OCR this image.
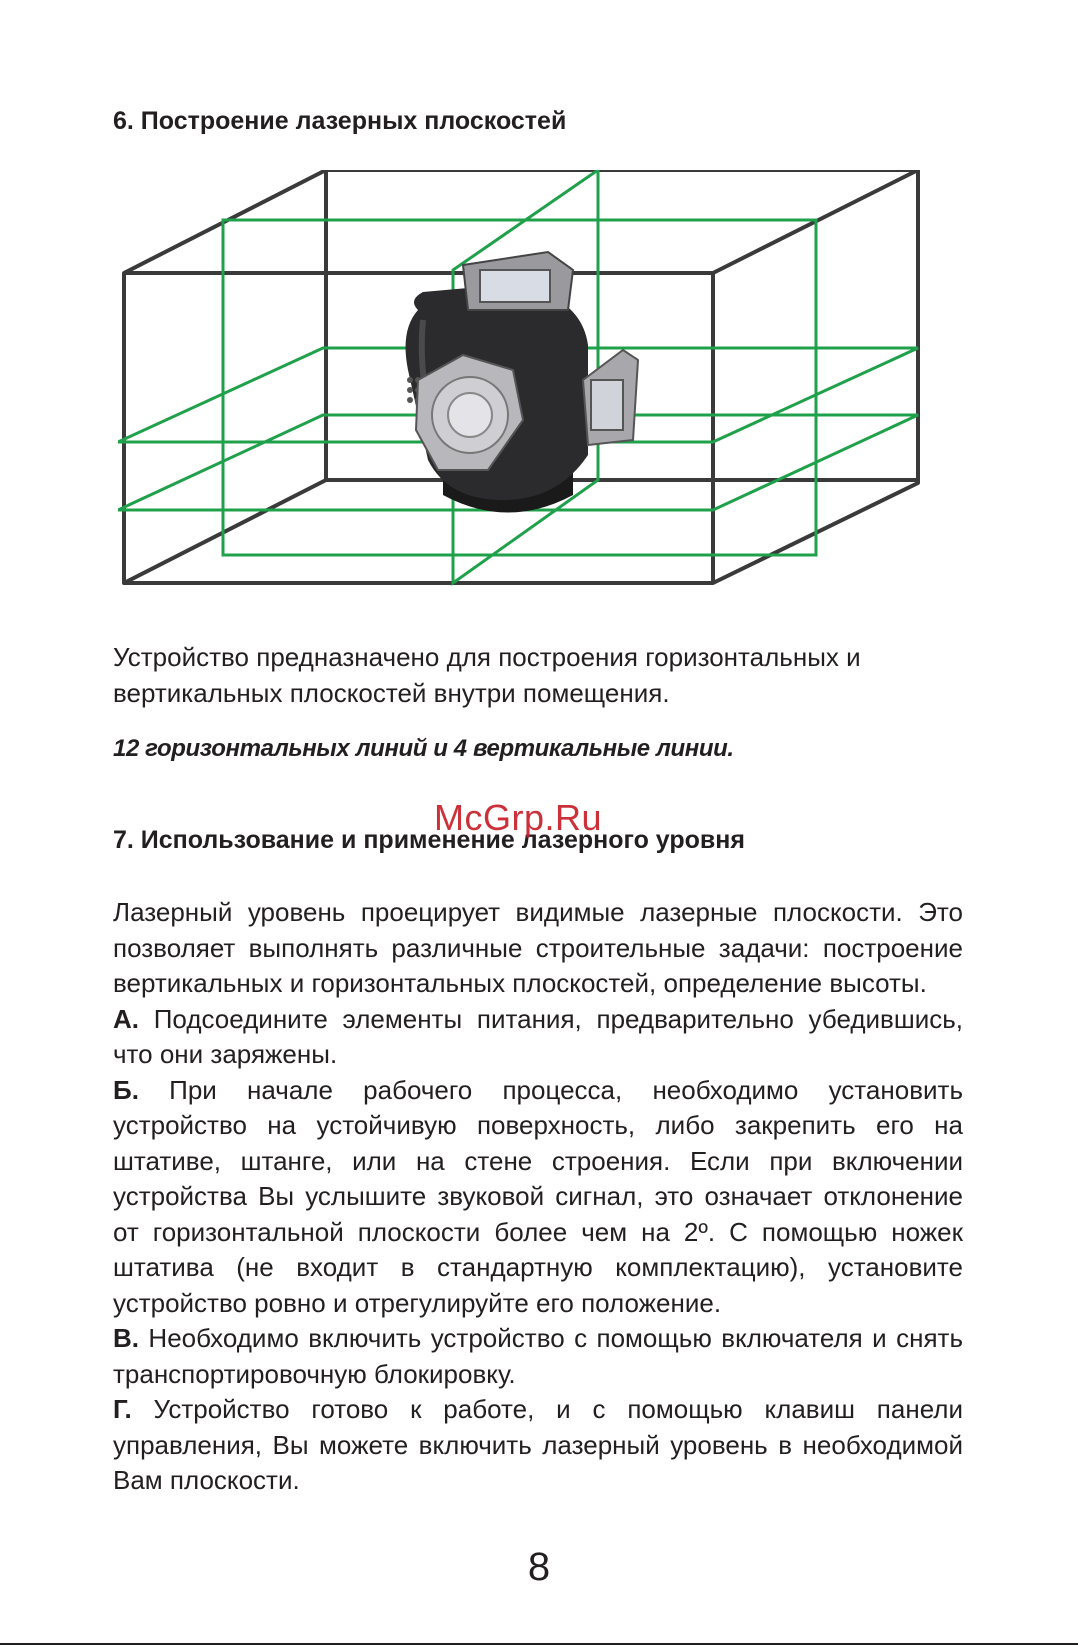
6. Построение лазерных плоскостей

Устройство предназначено для построения горизонтальных и вертикальных плоскостей внутри помещения.

12 горизонтальных линий и 4 вертикальные линии.

7. Использование и применение лазерного уровня
McGrp.Ru
Лазерный уровень проецирует видимые лазерные плоскости. Это позволяет выполнять различные строительные задачи: построение вертикальных и горизонтальных плоскостей, определение высоты.
А. Подсоедините элементы питания, предварительно убедившись, что они заряжены.
Б. При начале рабочего процесса, необходимо установить устройство на устойчивую поверхность, либо закрепить его на штативе, штанге, или на стене строения. Если при включении устройства Вы услышите звуковой сигнал, это означает отклонение от горизонтальной плоскости более чем на 2º. С помощью ножек штатива (не входит в стандартную комплектацию), установите устройство ровно и отрегулируйте его положение.
В. Необходимо включить устройство с помощью включателя и снять транспортировочную блокировку.
Г. Устройство готово к работе, и с помощью клавиш панели управления, Вы можете включить лазерный уровень в необходимой Вам плоскости.

8
